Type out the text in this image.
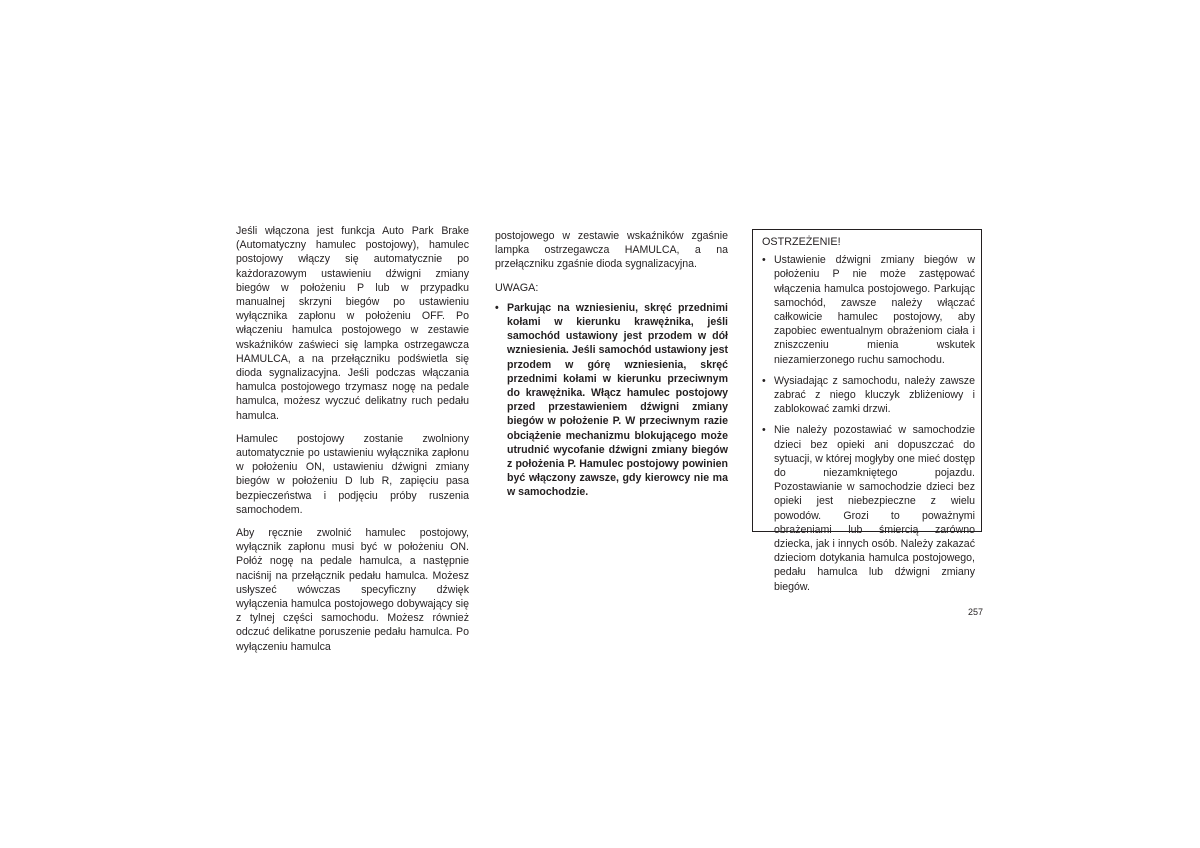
Jeśli włączona jest funkcja Auto Park Brake (Automatyczny hamulec postojowy), hamulec postojowy włączy się automatycznie po każdorazowym ustawieniu dźwigni zmiany biegów w położeniu P lub w przypadku manualnej skrzyni biegów po ustawieniu wyłącznika zapłonu w położeniu OFF. Po włączeniu hamulca postojowego w zestawie wskaźników zaświeci się lampka ostrzegawcza HAMULCA, a na przełączniku podświetla się dioda sygnalizacyjna. Jeśli podczas włączania hamulca postojowego trzymasz nogę na pedale hamulca, możesz wyczuć delikatny ruch pedału hamulca.

Hamulec postojowy zostanie zwolniony automatycznie po ustawieniu wyłącznika zapłonu w położeniu ON, ustawieniu dźwigni zmiany biegów w położeniu D lub R, zapięciu pasa bezpieczeństwa i podjęciu próby ruszenia samochodem.

Aby ręcznie zwolnić hamulec postojowy, wyłącznik zapłonu musi być w położeniu ON. Połóż nogę na pedale hamulca, a następnie naciśnij na przełącznik pedału hamulca. Możesz usłyszeć wówczas specyficzny dźwięk wyłączenia hamulca postojowego dobywający się z tylnej części samochodu. Możesz również odczuć delikatne poruszenie pedału hamulca. Po wyłączeniu hamulca

postojowego w zestawie wskaźników zgaśnie lampka ostrzegawcza HAMULCA, a na przełączniku zgaśnie dioda sygnalizacyjna.

UWAGA:
• Parkując na wzniesieniu, skręć przednimi kołami w kierunku krawężnika, jeśli samochód ustawiony jest przodem w dół wzniesienia. Jeśli samochód ustawiony jest przodem w górę wzniesienia, skręć przednimi kołami w kierunku przeciwnym do krawężnika. Włącz hamulec postojowy przed przestawieniem dźwigni zmiany biegów w położenie P. W przeciwnym razie obciążenie mechanizmu blokującego może utrudnić wycofanie dźwigni zmiany biegów z położenia P. Hamulec postojowy powinien być włączony zawsze, gdy kierowcy nie ma w samochodzie.
OSTRZEŻENIE!
• Ustawienie dźwigni zmiany biegów w położeniu P nie może zastępować włączenia hamulca postojowego. Parkując samochód, zawsze należy włączać całkowicie hamulec postojowy, aby zapobiec ewentualnym obrażeniom ciała i zniszczeniu mienia wskutek niezamierzonego ruchu samochodu.
• Wysiadając z samochodu, należy zawsze zabrać z niego kluczyk zbliżeniowy i zablokować zamki drzwi.
• Nie należy pozostawiać w samochodzie dzieci bez opieki ani dopuszczać do sytuacji, w której mogłyby one mieć dostęp do niezamkniętego pojazdu. Pozostawianie w samochodzie dzieci bez opieki jest niebezpieczne z wielu powodów. Grozi to poważnymi obrażeniami lub śmiercią zarówno dziecka, jak i innych osób. Należy zakazać dzieciom dotykania hamulca postojowego, pedału hamulca lub dźwigni zmiany biegów.
257
